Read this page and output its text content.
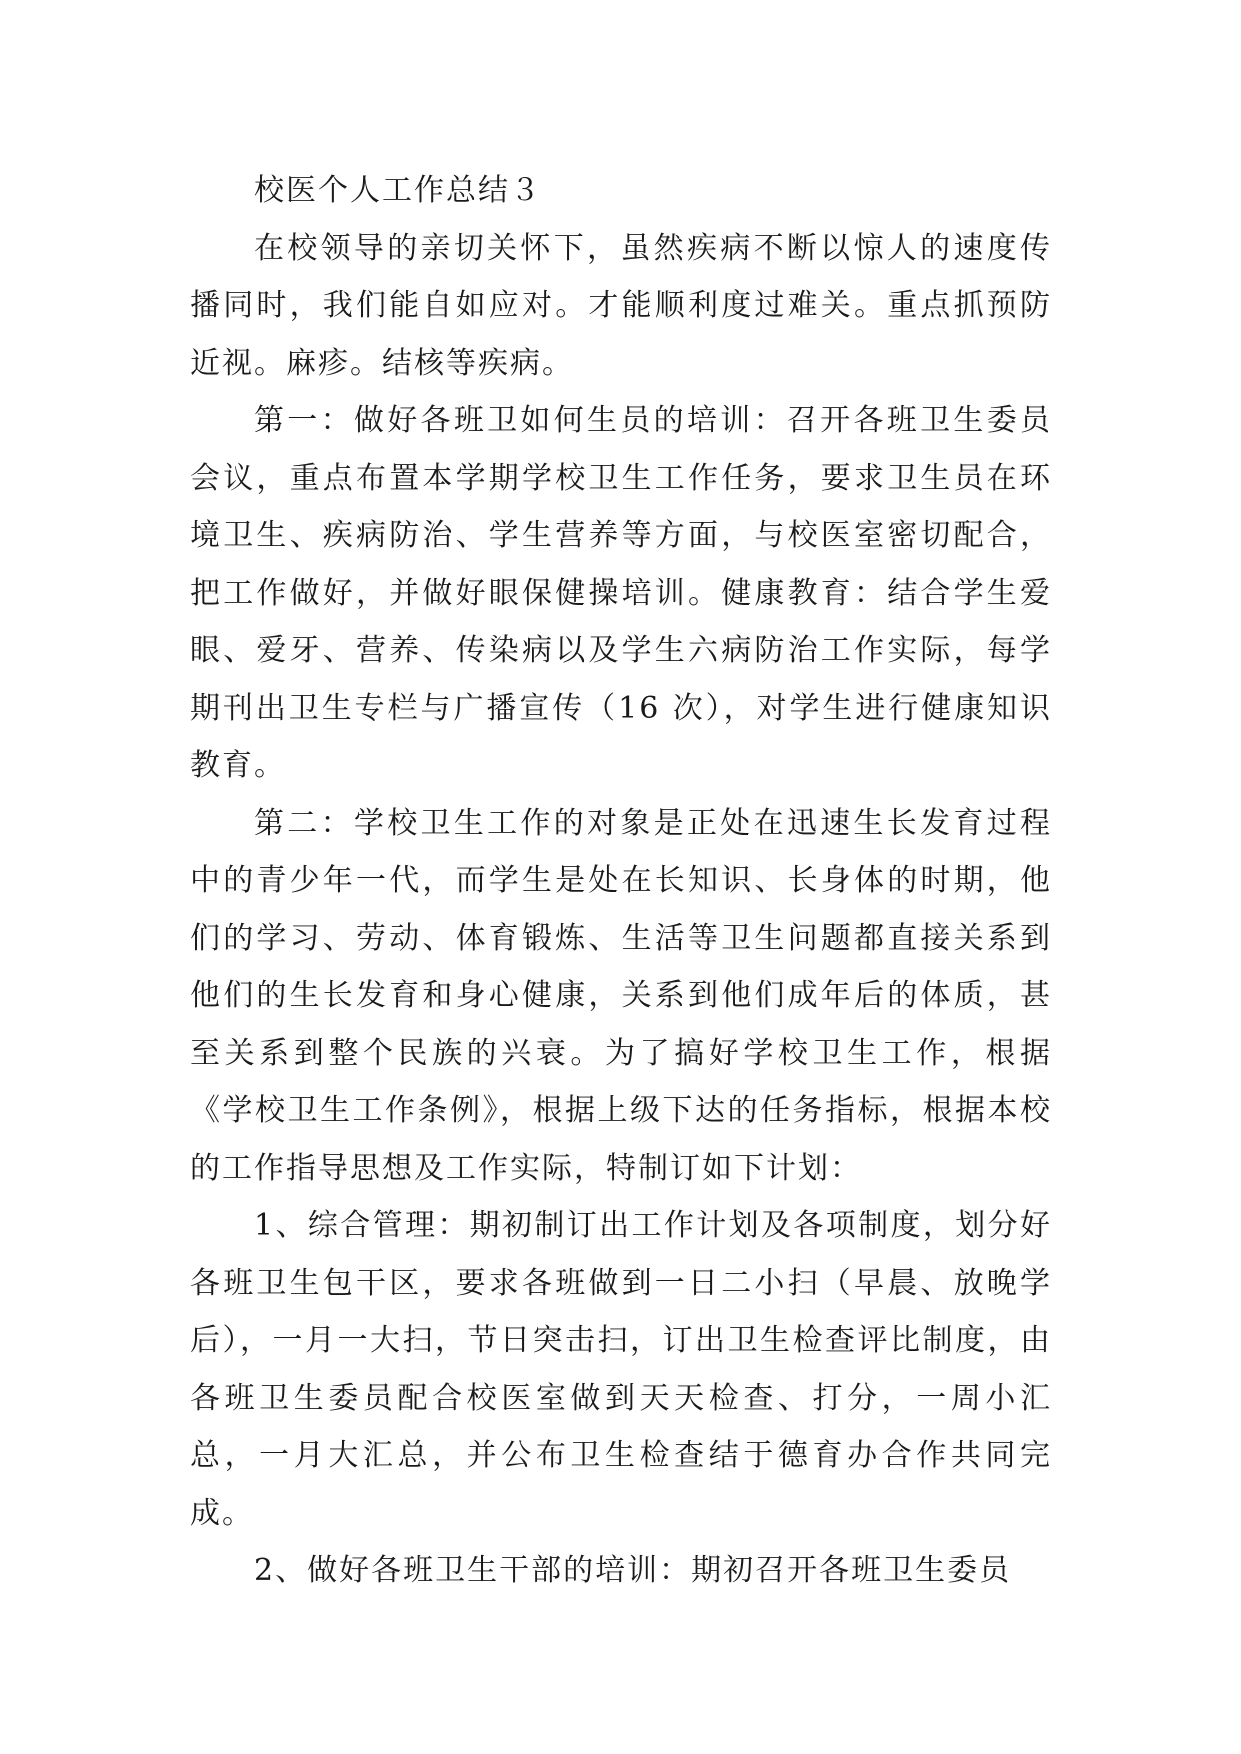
校医个人工作总结３

在校领导的亲切关怀下，虽然疾病不断以惊人的速度传播同时，我们能自如应对。才能顺利度过难关。重点抓预防近视。麻疹。结核等疾病。

第一：做好各班卫如何生员的培训：召开各班卫生委员会议，重点布置本学期学校卫生工作任务，要求卫生员在环境卫生、疾病防治、学生营养等方面，与校医室密切配合，把工作做好，并做好眼保健操培训。健康教育：结合学生爱眼、爱牙、营养、传染病以及学生六病防治工作实际，每学期刊出卫生专栏与广播宣传（16 次），对学生进行健康知识教育。

第二：学校卫生工作的对象是正处在迅速生长发育过程中的青少年一代，而学生是处在长知识、长身体的时期，他们的学习、劳动、体育锻炼、生活等卫生问题都直接关系到他们的生长发育和身心健康，关系到他们成年后的体质，甚至关系到整个民族的兴衰。为了搞好学校卫生工作，根据《学校卫生工作条例》，根据上级下达的任务指标，根据本校的工作指导思想及工作实际，特制订如下计划：

1、综合管理：期初制订出工作计划及各项制度，划分好各班卫生包干区，要求各班做到一日二小扫（早晨、放晚学后），一月一大扫，节日突击扫，订出卫生检查评比制度，由各班卫生委员配合校医室做到天天检查、打分，一周小汇总，一月大汇总，并公布卫生检查结于德育办合作共同完成。

2、做好各班卫生干部的培训：期初召开各班卫生委员
